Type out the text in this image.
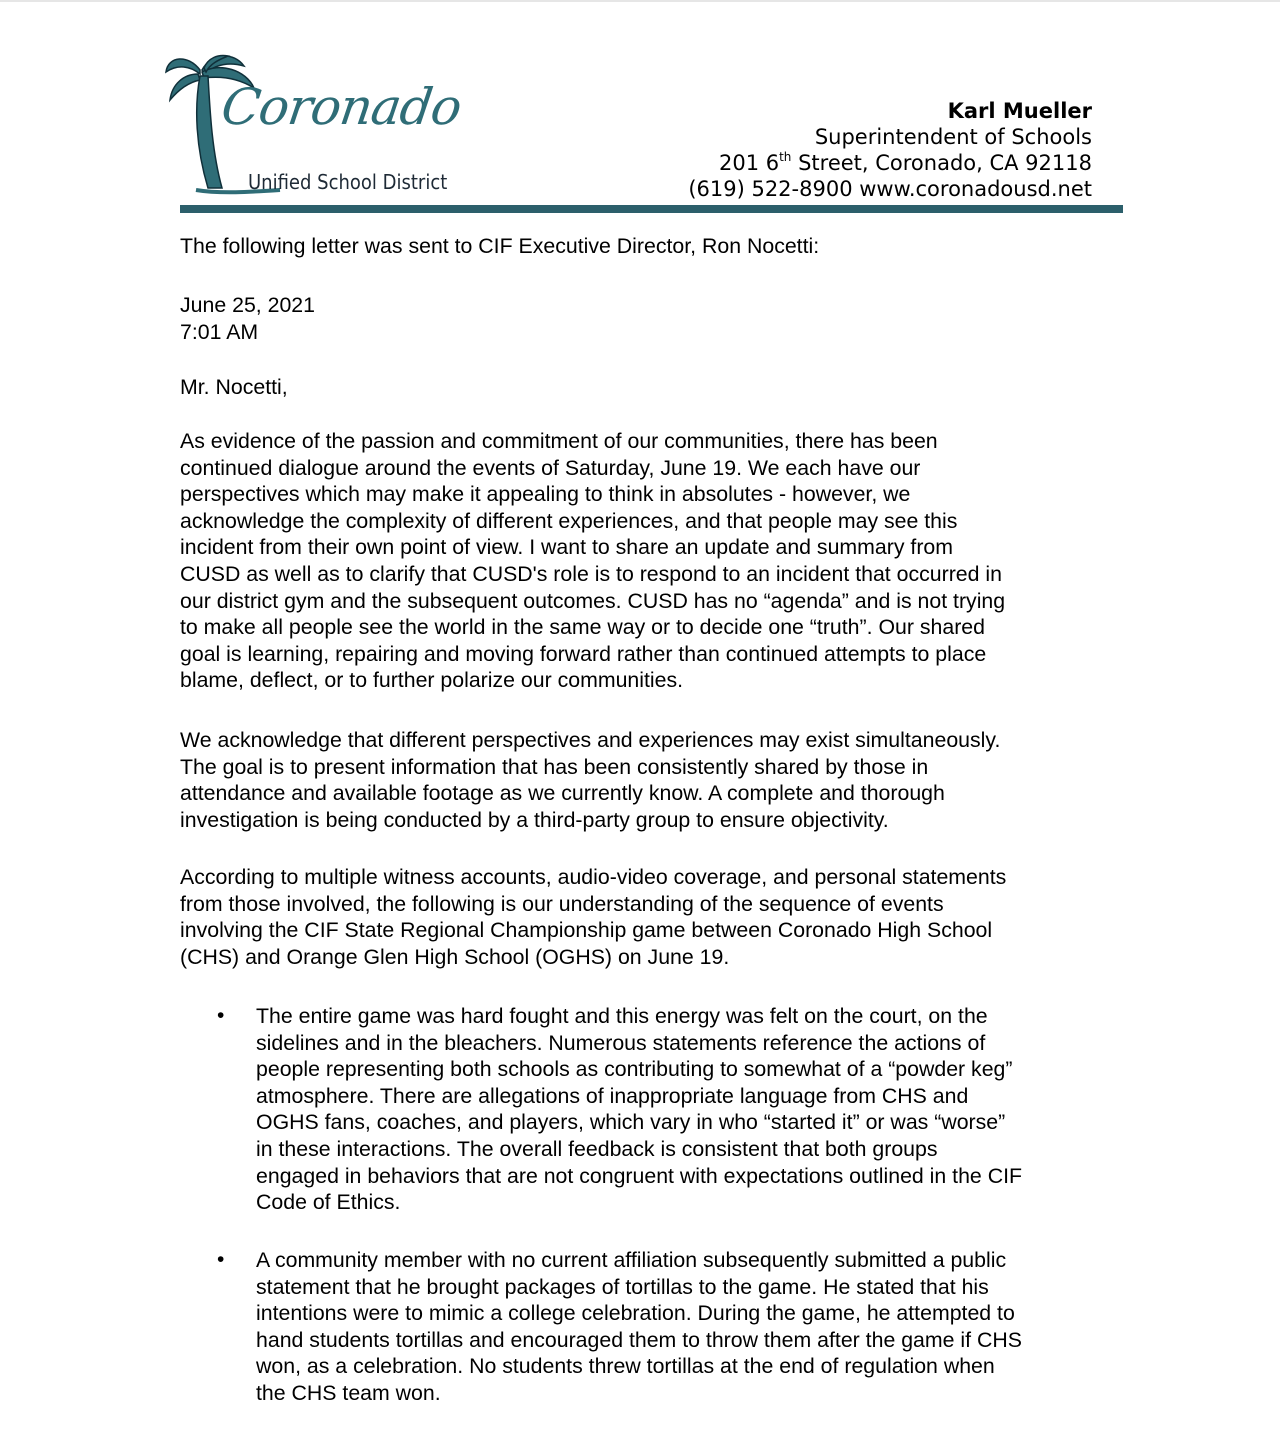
Coronado
Unified School District
Karl Mueller
Superintendent of Schools
201 6th Street, Coronado, CA 92118
(619) 522-8900 www.coronadousd.net
The following letter was sent to CIF Executive Director, Ron Nocetti:
June 25, 2021
7:01 AM
Mr. Nocetti,
As evidence of the passion and commitment of our communities, there has been
continued dialogue around the events of Saturday, June 19. We each have our
perspectives which may make it appealing to think in absolutes - however, we
acknowledge the complexity of different experiences, and that people may see this
incident from their own point of view. I want to share an update and summary from
CUSD as well as to clarify that CUSD's role is to respond to an incident that occurred in
our district gym and the subsequent outcomes. CUSD has no “agenda” and is not trying
to make all people see the world in the same way or to decide one “truth”. Our shared
goal is learning, repairing and moving forward rather than continued attempts to place
blame, deflect, or to further polarize our communities.
We acknowledge that different perspectives and experiences may exist simultaneously.
The goal is to present information that has been consistently shared by those in
attendance and available footage as we currently know. A complete and thorough
investigation is being conducted by a third-party group to ensure objectivity.
According to multiple witness accounts, audio-video coverage, and personal statements
from those involved, the following is our understanding of the sequence of events
involving the CIF State Regional Championship game between Coronado High School
(CHS) and Orange Glen High School (OGHS) on June 19.
• The entire game was hard fought and this energy was felt on the court, on the
sidelines and in the bleachers. Numerous statements reference the actions of
people representing both schools as contributing to somewhat of a “powder keg”
atmosphere. There are allegations of inappropriate language from CHS and
OGHS fans, coaches, and players, which vary in who “started it” or was “worse”
in these interactions. The overall feedback is consistent that both groups
engaged in behaviors that are not congruent with expectations outlined in the CIF
Code of Ethics.
• A community member with no current affiliation subsequently submitted a public
statement that he brought packages of tortillas to the game. He stated that his
intentions were to mimic a college celebration. During the game, he attempted to
hand students tortillas and encouraged them to throw them after the game if CHS
won, as a celebration. No students threw tortillas at the end of regulation when
the CHS team won.
